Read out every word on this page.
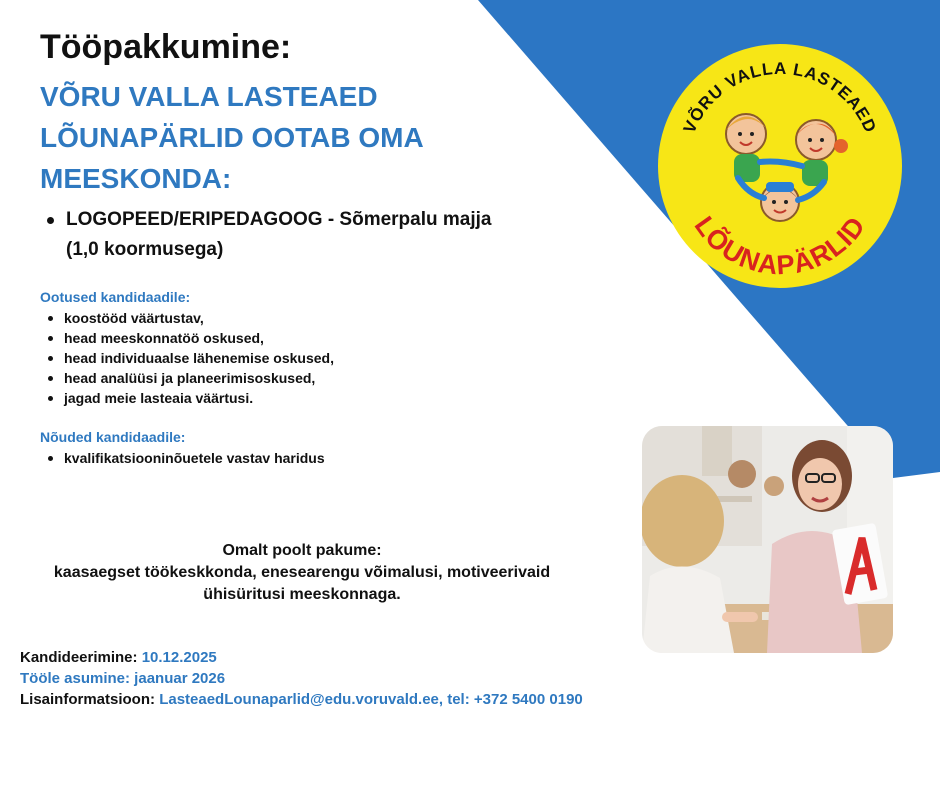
Tööpakkumine:
VÕRU VALLA LASTEAED
LÕUNAPÄRLID OOTAB OMA
MEESKONDA:
LOGOPEED/ERIPEDAGOOG - Sõmerpalu majja
(1,0 koormusega)

Ootused kandidaadile:

koostööd väärtustav,
head meeskonnatöö oskused,
head individuaalse lähenemise oskused,
head analüüsi ja planeerimisoskused,
jagad meie lasteaia väärtusi.

Nõuded kandidaadile:

kvalifikatsiooninõuetele vastav haridus
Omalt poolt pakume:
kaasaegset töökeskkonda, enesearengu võimalusi, motiveerivaid
ühisüritusi meeskonnaga.
Kandideerimine: 10.12.2025
Tööle asumine: jaanuar 2026
Lisainformatsioon: LasteaedLounaparlid@edu.voruvald.ee, tel: +372 5400 0190
VÕRU VALLA LASTEAED
LÕUNAPÄRLID
